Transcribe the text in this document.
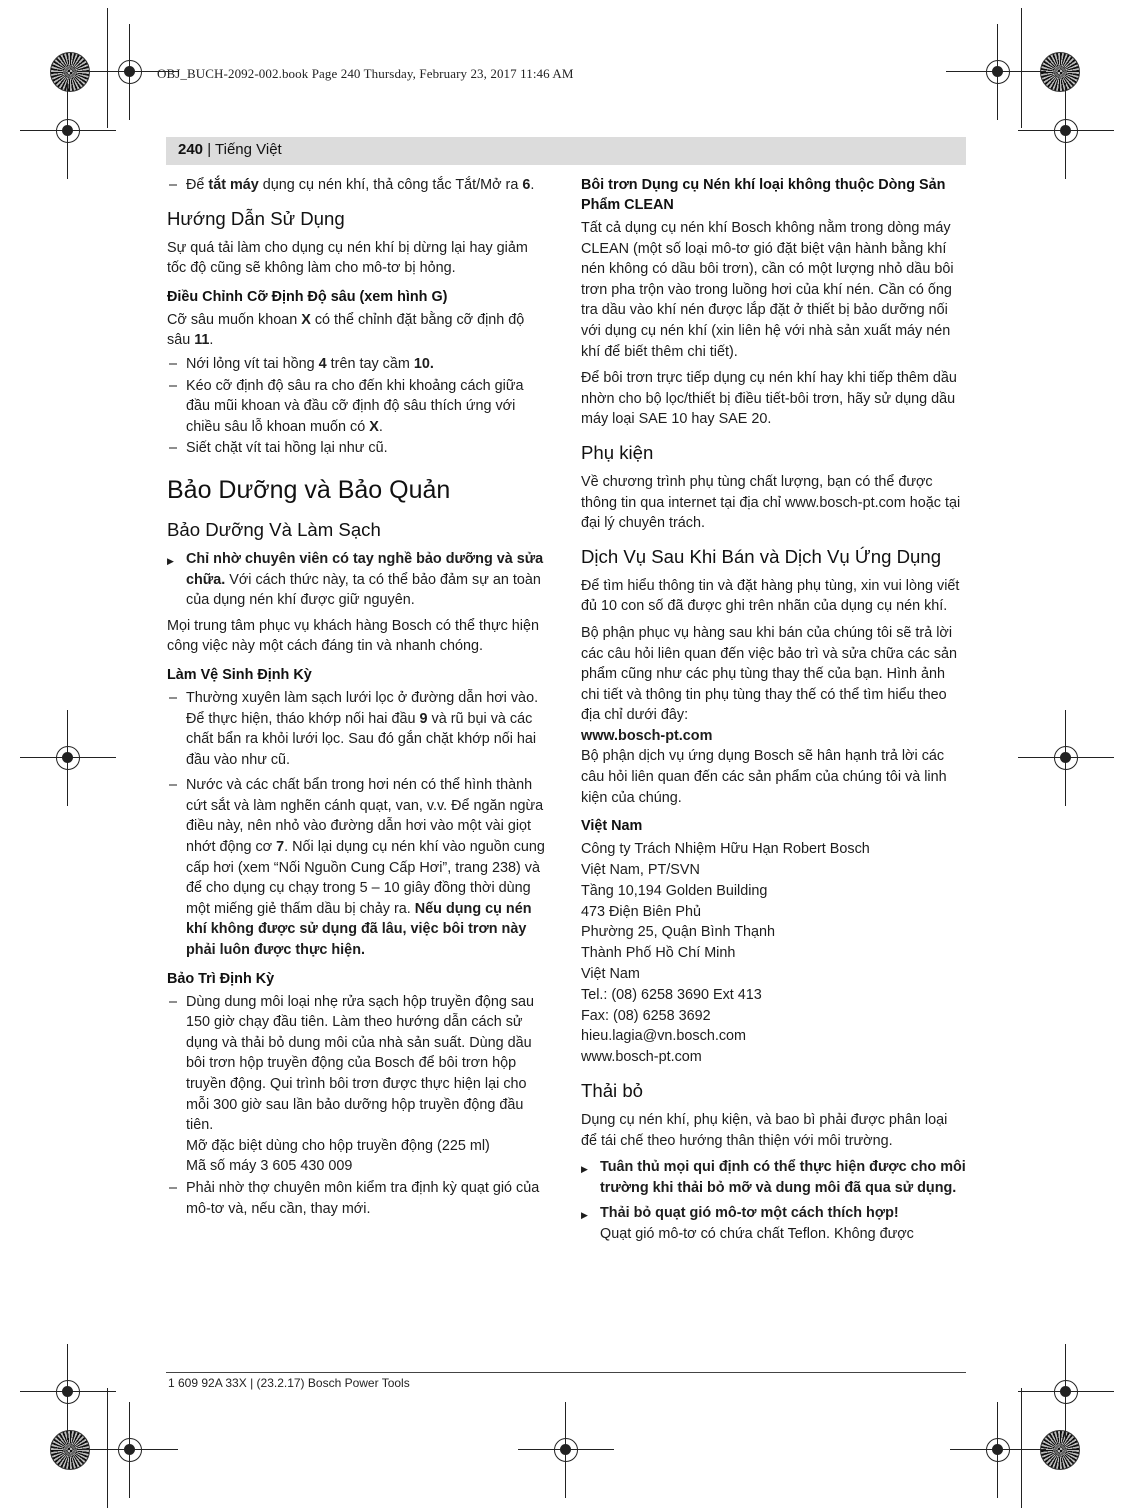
OBJ_BUCH-2092-002.book Page 240 Thursday, February 23, 2017 11:46 AM
240 | Tiếng Việt
– Để tắt máy dụng cụ nén khí, thả công tắc Tắt/Mở ra 6.
Hướng Dẫn Sử Dụng

Sự quá tải làm cho dụng cụ nén khí bị dừng lại hay giảm tốc độ cũng sẽ không làm cho mô-tơ bị hỏng.

Điều Chỉnh Cỡ Định Độ sâu (xem hình G)

Cỡ sâu muốn khoan X có thể chỉnh đặt bằng cỡ định độ sâu 11.

– Nới lỏng vít tai hồng 4 trên tay cầm 10.
– Kéo cỡ định độ sâu ra cho đến khi khoảng cách giữa đầu mũi khoan và đầu cỡ định độ sâu thích ứng với chiều sâu lỗ khoan muốn có X.
– Siết chặt vít tai hồng lại như cũ.
Bảo Dưỡng và Bảo Quản
Bảo Dưỡng Và Làm Sạch
▶ Chỉ nhờ chuyên viên có tay nghề bảo dưỡng và sửa chữa. Với cách thức này, ta có thể bảo đảm sự an toàn của dụng nén khí được giữ nguyên.

Mọi trung tâm phục vụ khách hàng Bosch có thể thực hiện công việc này một cách đáng tin và nhanh chóng.

Làm Vệ Sinh Định Kỳ
– Thường xuyên làm sạch lưới lọc ở đường dẫn hơi vào. Để thực hiện, tháo khớp nối hai đầu 9 và rũ bụi và các chất bẩn ra khỏi lưới lọc. Sau đó gắn chặt khớp nối hai đầu vào như cũ.
– Nước và các chất bẩn trong hơi nén có thể hình thành cứt sắt và làm nghẽn cánh quạt, van, v.v. Để ngăn ngừa điều này, nên nhỏ vào đường dẫn hơi vào một vài giọt nhớt động cơ 7. Nối lại dụng cụ nén khí vào nguồn cung cấp hơi (xem “Nối Nguồn Cung Cấp Hơi”, trang 238) và để cho dụng cụ chạy trong 5 – 10 giây đồng thời dùng một miếng giẻ thấm dầu bị chảy ra. Nếu dụng cụ nén khí không được sử dụng đã lâu, việc bôi trơn này phải luôn được thực hiện.
Bảo Trì Định Kỳ
– Dùng dung môi loại nhẹ rửa sạch hộp truyền động sau 150 giờ chạy đầu tiên. Làm theo hướng dẫn cách sử dụng và thải bỏ dung môi của nhà sản suất. Dùng dầu bôi trơn hộp truyền động của Bosch để bôi trơn hộp truyền động. Qui trình bôi trơn được thực hiện lại cho mỗi 300 giờ sau lần bảo dưỡng hộp truyền động đầu tiên.
Mỡ đặc biệt dùng cho hộp truyền động (225 ml)
Mã số máy 3 605 430 009
– Phải nhờ thợ chuyên môn kiểm tra định kỳ quạt gió của mô-tơ và, nếu cần, thay mới.
Bôi trơn Dụng cụ Nén khí loại không thuộc Dòng Sản Phẩm CLEAN

Tất cả dụng cụ nén khí Bosch không nằm trong dòng máy CLEAN (một số loại mô-tơ gió đặt biệt vận hành bằng khí nén không có dầu bôi trơn), cần có một lượng nhỏ dầu bôi trơn pha trộn vào trong luồng hơi của khí nén. Cần có ống tra dầu vào khí nén được lắp đặt ở thiết bị bảo dưỡng nối với dụng cụ nén khí (xin liên hệ với nhà sản xuất máy nén khí để biết thêm chi tiết).

Để bôi trơn trực tiếp dụng cụ nén khí hay khi tiếp thêm dầu nhờn cho bộ lọc/thiết bị điều tiết-bôi trơn, hãy sử dụng dầu máy loại SAE 10 hay SAE 20.

Phụ kiện

Về chương trình phụ tùng chất lượng, bạn có thể được thông tin qua internet tại địa chỉ www.bosch-pt.com hoặc tại đại lý chuyên trách.

Dịch Vụ Sau Khi Bán và Dịch Vụ Ứng Dụng

Để tìm hiểu thông tin và đặt hàng phụ tùng, xin vui lòng viết đủ 10 con số đã được ghi trên nhãn của dụng cụ nén khí.

Bộ phận phục vụ hàng sau khi bán của chúng tôi sẽ trả lời các câu hỏi liên quan đến việc bảo trì và sửa chữa các sản phẩm cũng như các phụ tùng thay thế của bạn. Hình ảnh chi tiết và thông tin phụ tùng thay thế có thể tìm hiểu theo địa chỉ dưới đây:
www.bosch-pt.com

Bộ phận dịch vụ ứng dụng Bosch sẽ hân hạnh trả lời các câu hỏi liên quan đến các sản phẩm của chúng tôi và linh kiện của chúng.

Việt Nam
Công ty Trách Nhiệm Hữu Hạn Robert Bosch
Việt Nam, PT/SVN
Tầng 10,194 Golden Building
473 Điện Biên Phủ
Phường 25, Quận Bình Thạnh
Thành Phố Hồ Chí Minh
Việt Nam
Tel.: (08) 6258 3690 Ext 413
Fax: (08) 6258 3692
hieu.lagia@vn.bosch.com
www.bosch-pt.com
Thải bỏ

Dụng cụ nén khí, phụ kiện, và bao bì phải được phân loại để tái chế theo hướng thân thiện với môi trường.

▶ Tuân thủ mọi qui định có thể thực hiện được cho môi trường khi thải bỏ mỡ và dung môi đã qua sử dụng.
▶ Thải bỏ quạt gió mô-tơ một cách thích hợp!
Quạt gió mô-tơ có chứa chất Teflon. Không được
1 609 92A 33X | (23.2.17) Bosch Power Tools
